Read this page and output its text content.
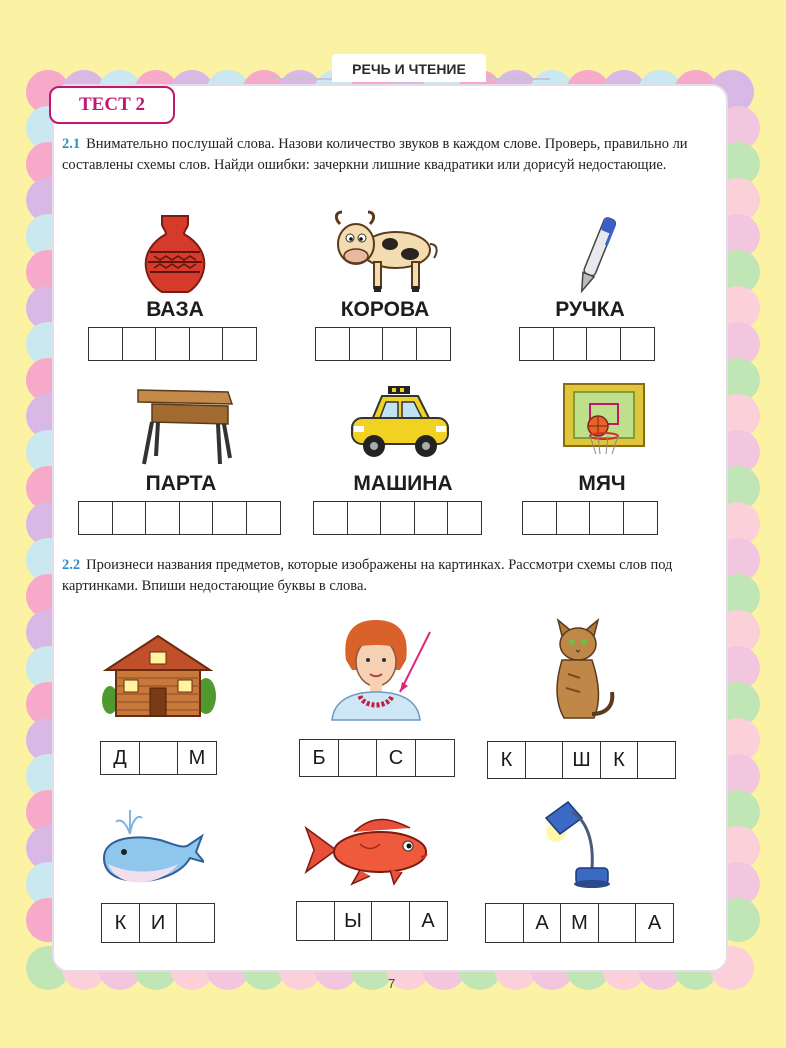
РЕЧЬ И ЧТЕНИЕ
ТЕСТ 2
2.1 Внимательно послушай слова. Назови количество звуков в каждом слове. Проверь, правильно ли составлены схемы слов. Найди ошибки: зачеркни лишние квадратики или дорисуй недостающие.
ВАЗА	КОРОВА	РУЧКА
ПАРТА	МАШИНА	МЯЧ
2.2 Произнеси названия предметов, которые изображены на картинках. Рассмотри схемы слов под картинками. Впиши недостающие буквы в слова.
Д	М	Б	С	К	Ш	К
К	И	Ы	А	А	М	А
7
